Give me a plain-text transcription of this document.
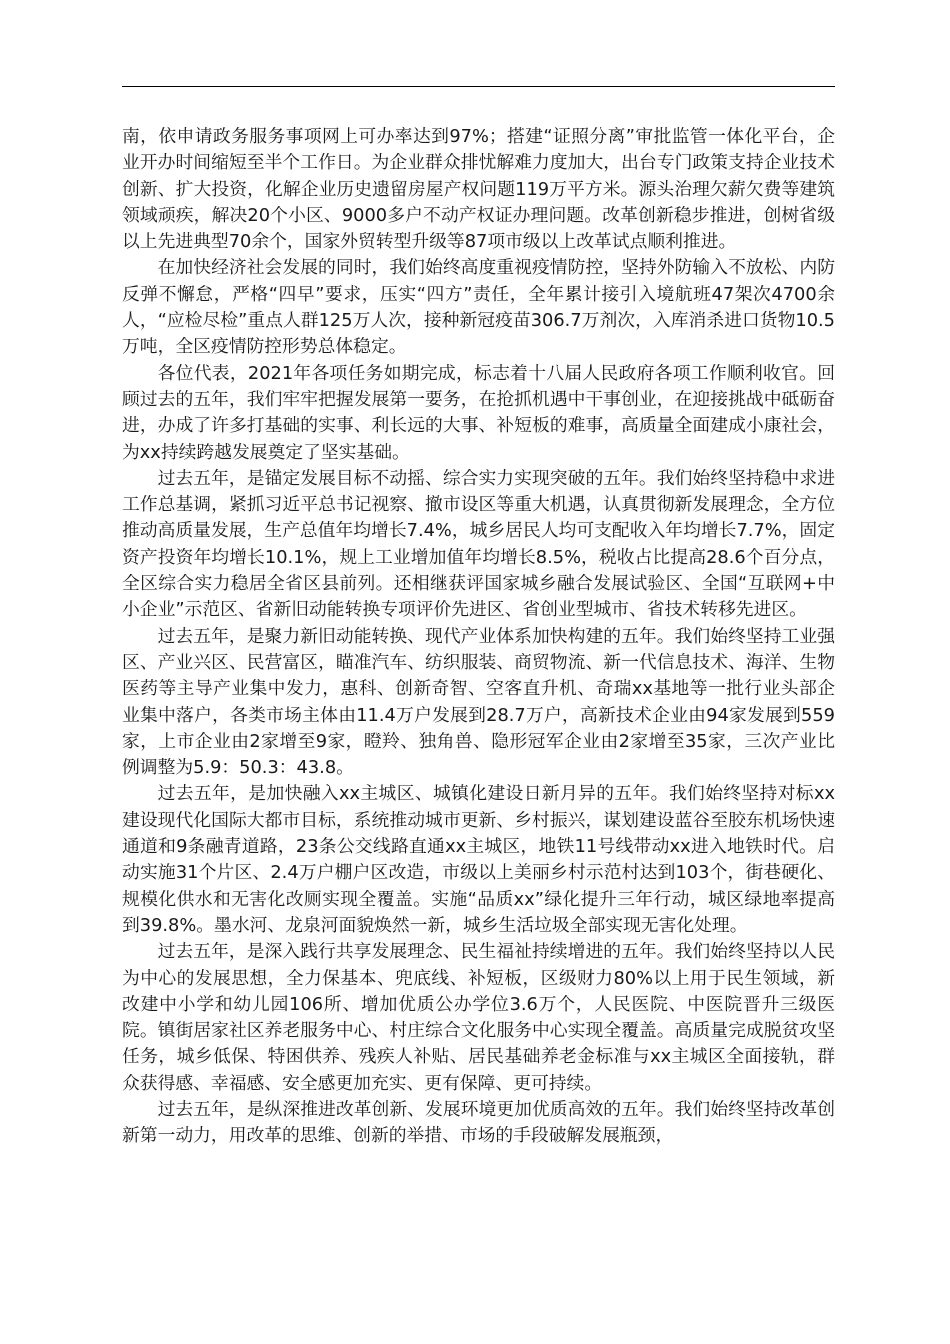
南，依申请政务服务事项网上可办率达到97%；搭建“证照分离”审批监管一体化平台，企业开办时间缩短至半个工作日。为企业群众排忧解难力度加大，出台专门政策支持企业技术创新、扩大投资，化解企业历史遗留房屋产权问题119万平方米。源头治理欠薪欠费等建筑领域顽疾，解决20个小区、9000多户不动产权证办理问题。改革创新稳步推进，创树省级以上先进典型70余个，国家外贸转型升级等87项市级以上改革试点顺利推进。

在加快经济社会发展的同时，我们始终高度重视疫情防控，坚持外防输入不放松、内防反弹不懈怠，严格“四早”要求，压实“四方”责任，全年累计接引入境航班47架次4700余人，“应检尽检”重点人群125万人次，接种新冠疫苗306.7万剂次，入库消杀进口货物10.5万吨，全区疫情防控形势总体稳定。

各位代表，2021年各项任务如期完成，标志着十八届人民政府各项工作顺利收官。回顾过去的五年，我们牢牢把握发展第一要务，在抢抓机遇中干事创业，在迎接挑战中砥砺奋进，办成了许多打基础的实事、利长远的大事、补短板的难事，高质量全面建成小康社会，为xx持续跨越发展奠定了坚实基础。

过去五年，是锚定发展目标不动摇、综合实力实现突破的五年。我们始终坚持稳中求进工作总基调，紧抓习近平总书记视察、撤市设区等重大机遇，认真贯彻新发展理念，全方位推动高质量发展，生产总值年均增长7.4%，城乡居民人均可支配收入年均增长7.7%，固定资产投资年均增长10.1%，规上工业增加值年均增长8.5%，税收占比提高28.6个百分点，全区综合实力稳居全省区县前列。还相继获评国家城乡融合发展试验区、全国“互联网+中小企业”示范区、省新旧动能转换专项评价先进区、省创业型城市、省技术转移先进区。

过去五年，是聚力新旧动能转换、现代产业体系加快构建的五年。我们始终坚持工业强区、产业兴区、民营富区，瞄准汽车、纺织服装、商贸物流、新一代信息技术、海洋、生物医药等主导产业集中发力，惠科、创新奇智、空客直升机、奇瑞xx基地等一批行业头部企业集中落户，各类市场主体由11.4万户发展到28.7万户，高新技术企业由94家发展到559家，上市企业由2家增至9家，瞪羚、独角兽、隐形冠军企业由2家增至35家，三次产业比例调整为5.9：50.3：43.8。

过去五年，是加快融入xx主城区、城镇化建设日新月异的五年。我们始终坚持对标xx建设现代化国际大都市目标，系统推动城市更新、乡村振兴，谋划建设蓝谷至胶东机场快速通道和9条融青道路，23条公交线路直通xx主城区，地铁11号线带动xx进入地铁时代。启动实施31个片区、2.4万户棚户区改造，市级以上美丽乡村示范村达到103个，街巷硬化、规模化供水和无害化改厕实现全覆盖。实施“品质xx”绿化提升三年行动，城区绿地率提高到39.8%。墨水河、龙泉河面貌焕然一新，城乡生活垃圾全部实现无害化处理。

过去五年，是深入践行共享发展理念、民生福祉持续增进的五年。我们始终坚持以人民为中心的发展思想，全力保基本、兜底线、补短板，区级财力80%以上用于民生领域，新改建中小学和幼儿园106所、增加优质公办学位3.6万个，人民医院、中医院晋升三级医院。镇街居家社区养老服务中心、村庄综合文化服务中心实现全覆盖。高质量完成脱贫攻坚任务，城乡低保、特困供养、残疾人补贴、居民基础养老金标准与xx主城区全面接轨，群众获得感、幸福感、安全感更加充实、更有保障、更可持续。

过去五年，是纵深推进改革创新、发展环境更加优质高效的五年。我们始终坚持改革创新第一动力，用改革的思维、创新的举措、市场的手段破解发展瓶颈，
